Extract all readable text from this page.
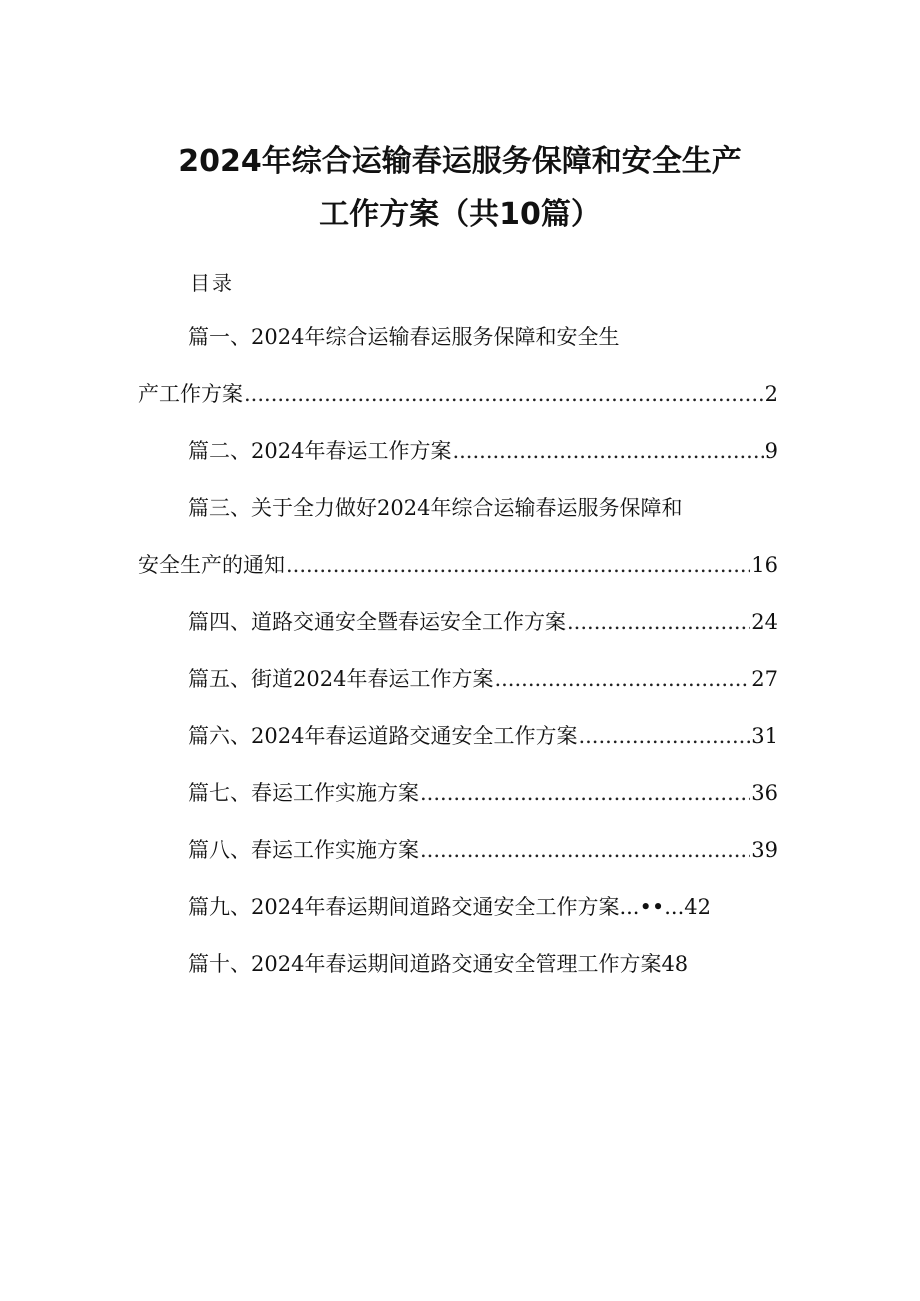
2024年综合运输春运服务保障和安全生产
工作方案（共10篇）
目录
篇一、2024年综合运输春运服务保障和安全生
产工作方案 .....	2
篇二、2024年春运工作方案 .....	9
篇三、关于全力做好2024年综合运输春运服务保障和
安全生产的通知 .....	16
篇四、道路交通安全暨春运安全工作方案 .....	24
篇五、街道2024年春运工作方案 .....	27
篇六、2024年春运道路交通安全工作方案 .....	31
篇七、春运工作实施方案 .....	36
篇八、春运工作实施方案 .....	39
篇九、2024年春运期间道路交通安全工作方案...••...42
篇十、2024年春运期间道路交通安全管理工作方案48
